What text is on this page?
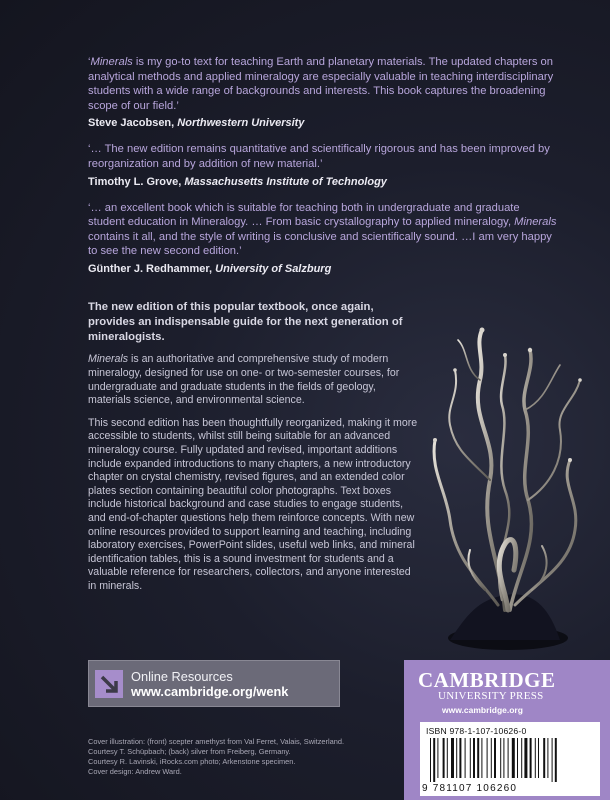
‘Minerals is my go-to text for teaching Earth and planetary materials. The updated chapters on analytical methods and applied mineralogy are especially valuable in teaching interdisciplinary students with a wide range of backgrounds and interests. This book captures the broadening scope of our field.’
Steve Jacobsen, Northwestern University
‘… The new edition remains quantitative and scientifically rigorous and has been improved by reorganization and by addition of new material.’
Timothy L. Grove, Massachusetts Institute of Technology
‘… an excellent book which is suitable for teaching both in undergraduate and graduate student education in Mineralogy. … From basic crystallography to applied mineralogy, Minerals contains it all, and the style of writing is conclusive and scientifically sound. …I am very happy to see the new second edition.’
Günther J. Redhammer, University of Salzburg
The new edition of this popular textbook, once again, provides an indispensable guide for the next generation of mineralogists.
Minerals is an authoritative and comprehensive study of modern mineralogy, designed for use on one- or two-semester courses, for undergraduate and graduate students in the fields of geology, materials science, and environmental science.
This second edition has been thoughtfully reorganized, making it more accessible to students, whilst still being suitable for an advanced mineralogy course. Fully updated and revised, important additions include expanded introductions to many chapters, a new introductory chapter on crystal chemistry, revised figures, and an extended color plates section containing beautiful color photographs. Text boxes include historical background and case studies to engage students, and end-of-chapter questions help them reinforce concepts. With new online resources provided to support learning and teaching, including laboratory exercises, PowerPoint slides, useful web links, and mineral identification tables, this is a sound investment for students and a valuable reference for researchers, collectors, and anyone interested in minerals.
Online Resources
www.cambridge.org/wenk
Cover illustration: (front) scepter amethyst from Val Ferret, Valais, Switzerland.
Courtesy T. Schüpbach; (back) silver from Freiberg, Germany.
Courtesy R. Lavinski, iRocks.com photo; Arkenstone specimen.
Cover design: Andrew Ward.
CAMBRIDGE
UNIVERSITY PRESS
www.cambridge.org
ISBN 978-1-107-10626-0
9 781107 106260
